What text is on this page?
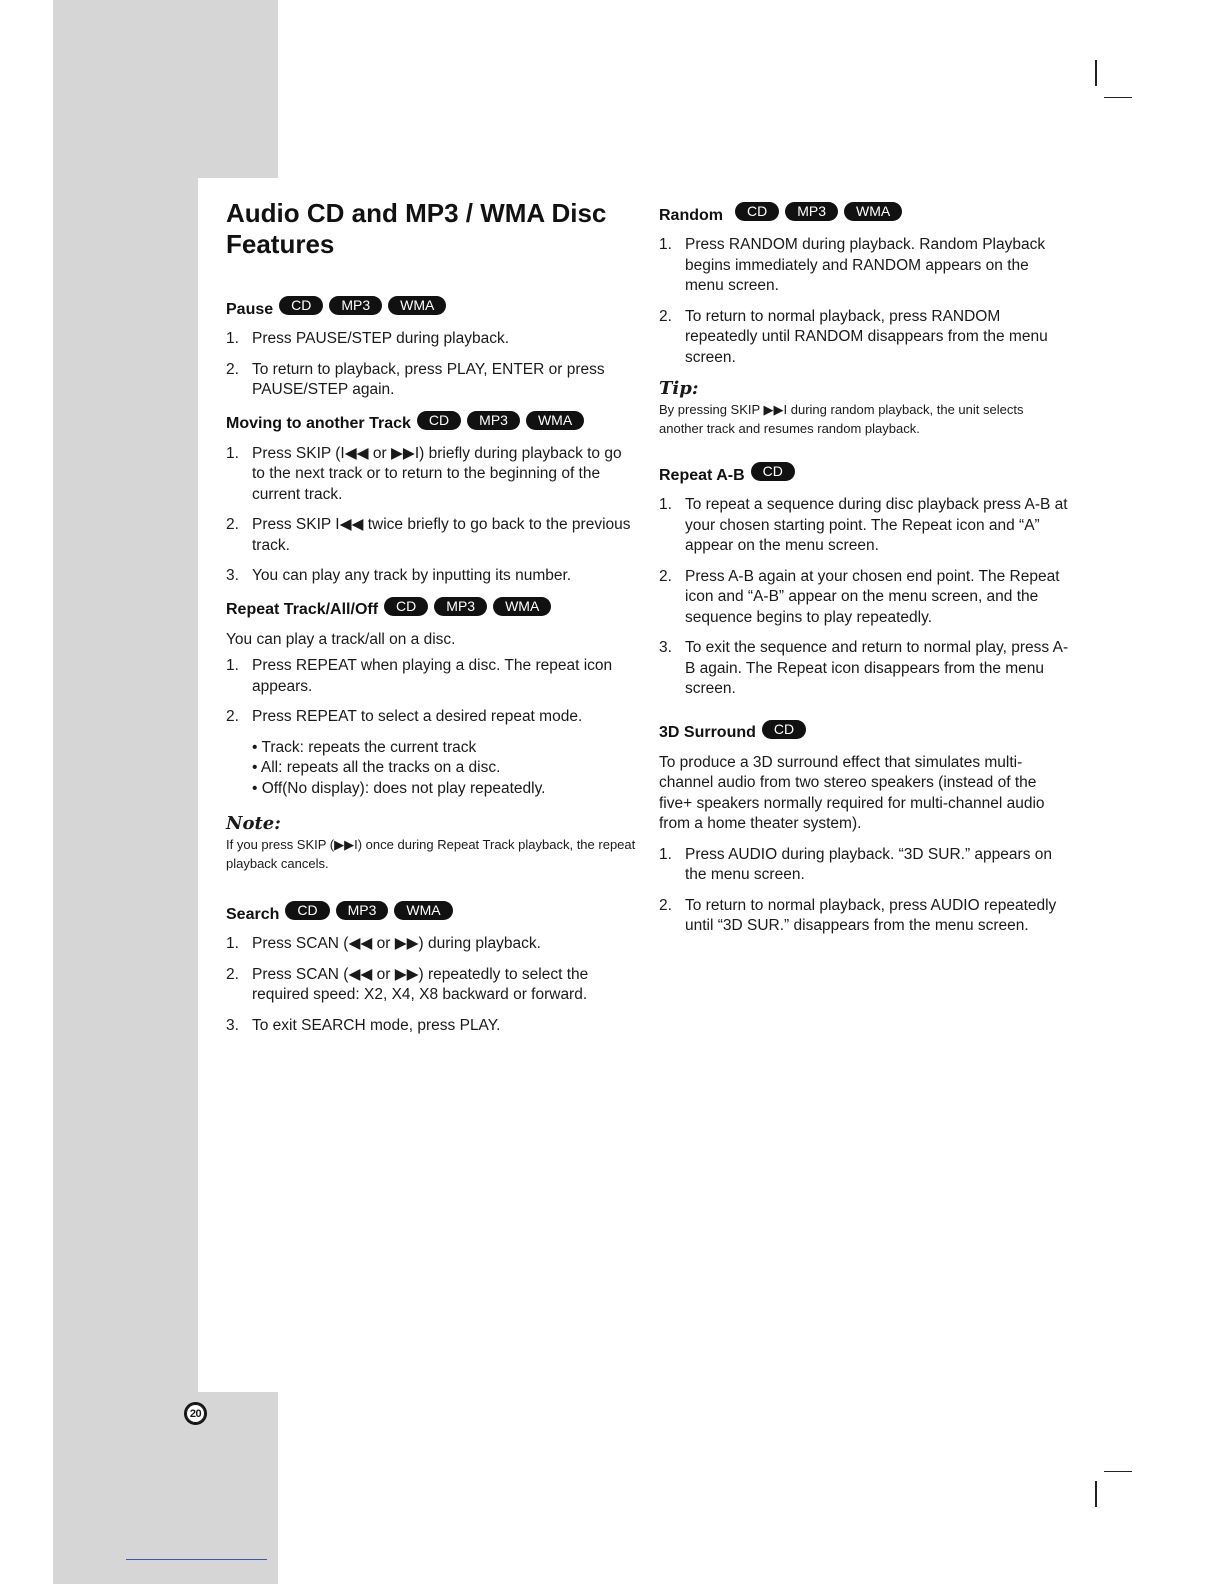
20
Audio CD and MP3 / WMA Disc Features
Pause	CD	MP3	WMA
1. Press PAUSE/STEP during playback.
2. To return to playback, press PLAY, ENTER or press PAUSE/STEP again.
Moving to another Track	CD	MP3	WMA
1. Press SKIP (I◀◀ or ▶▶I) briefly during playback to go to the next track or to return to the beginning of the current track.
2. Press SKIP I◀◀ twice briefly to go back to the previous track.
3. You can play any track by inputting its number.
Repeat Track/All/Off	CD	MP3	WMA

You can play a track/all on a disc.

1. Press REPEAT when playing a disc. The repeat icon appears.
2. Press REPEAT to select a desired repeat mode.
• Track: repeats the current track
• All: repeats all the tracks on a disc.
• Off(No display): does not play repeatedly.
Note:

If you press SKIP (▶▶I) once during Repeat Track playback, the repeat playback cancels.

Search	CD	MP3	WMA
1. Press SCAN (◀◀ or ▶▶) during playback.
2. Press SCAN (◀◀ or ▶▶) repeatedly to select the required speed: X2, X4, X8 backward or forward.
3. To exit SEARCH mode, press PLAY.
Random	CD	MP3	WMA
1. Press RANDOM during playback. Random Playback begins immediately and RANDOM appears on the menu screen.
2. To return to normal playback, press RANDOM repeatedly until RANDOM disappears from the menu screen.
Tip:

By pressing SKIP ▶▶I during random playback, the unit selects another track and resumes random playback.

Repeat A-B	CD
1. To repeat a sequence during disc playback press A-B at your chosen starting point. The Repeat icon and “A” appear on the menu screen.
2. Press A-B again at your chosen end point. The Repeat icon and “A-B” appear on the menu screen, and the sequence begins to play repeatedly.
3. To exit the sequence and return to normal play, press A-B again. The Repeat icon disappears from the menu screen.
3D Surround	CD

To produce a 3D surround effect that simulates multi-channel audio from two stereo speakers (instead of the five+ speakers normally required for multi-channel audio from a home theater system).

1. Press AUDIO during playback. “3D SUR.” appears on the menu screen.
2. To return to normal playback, press AUDIO repeatedly until “3D SUR.” disappears from the menu screen.
